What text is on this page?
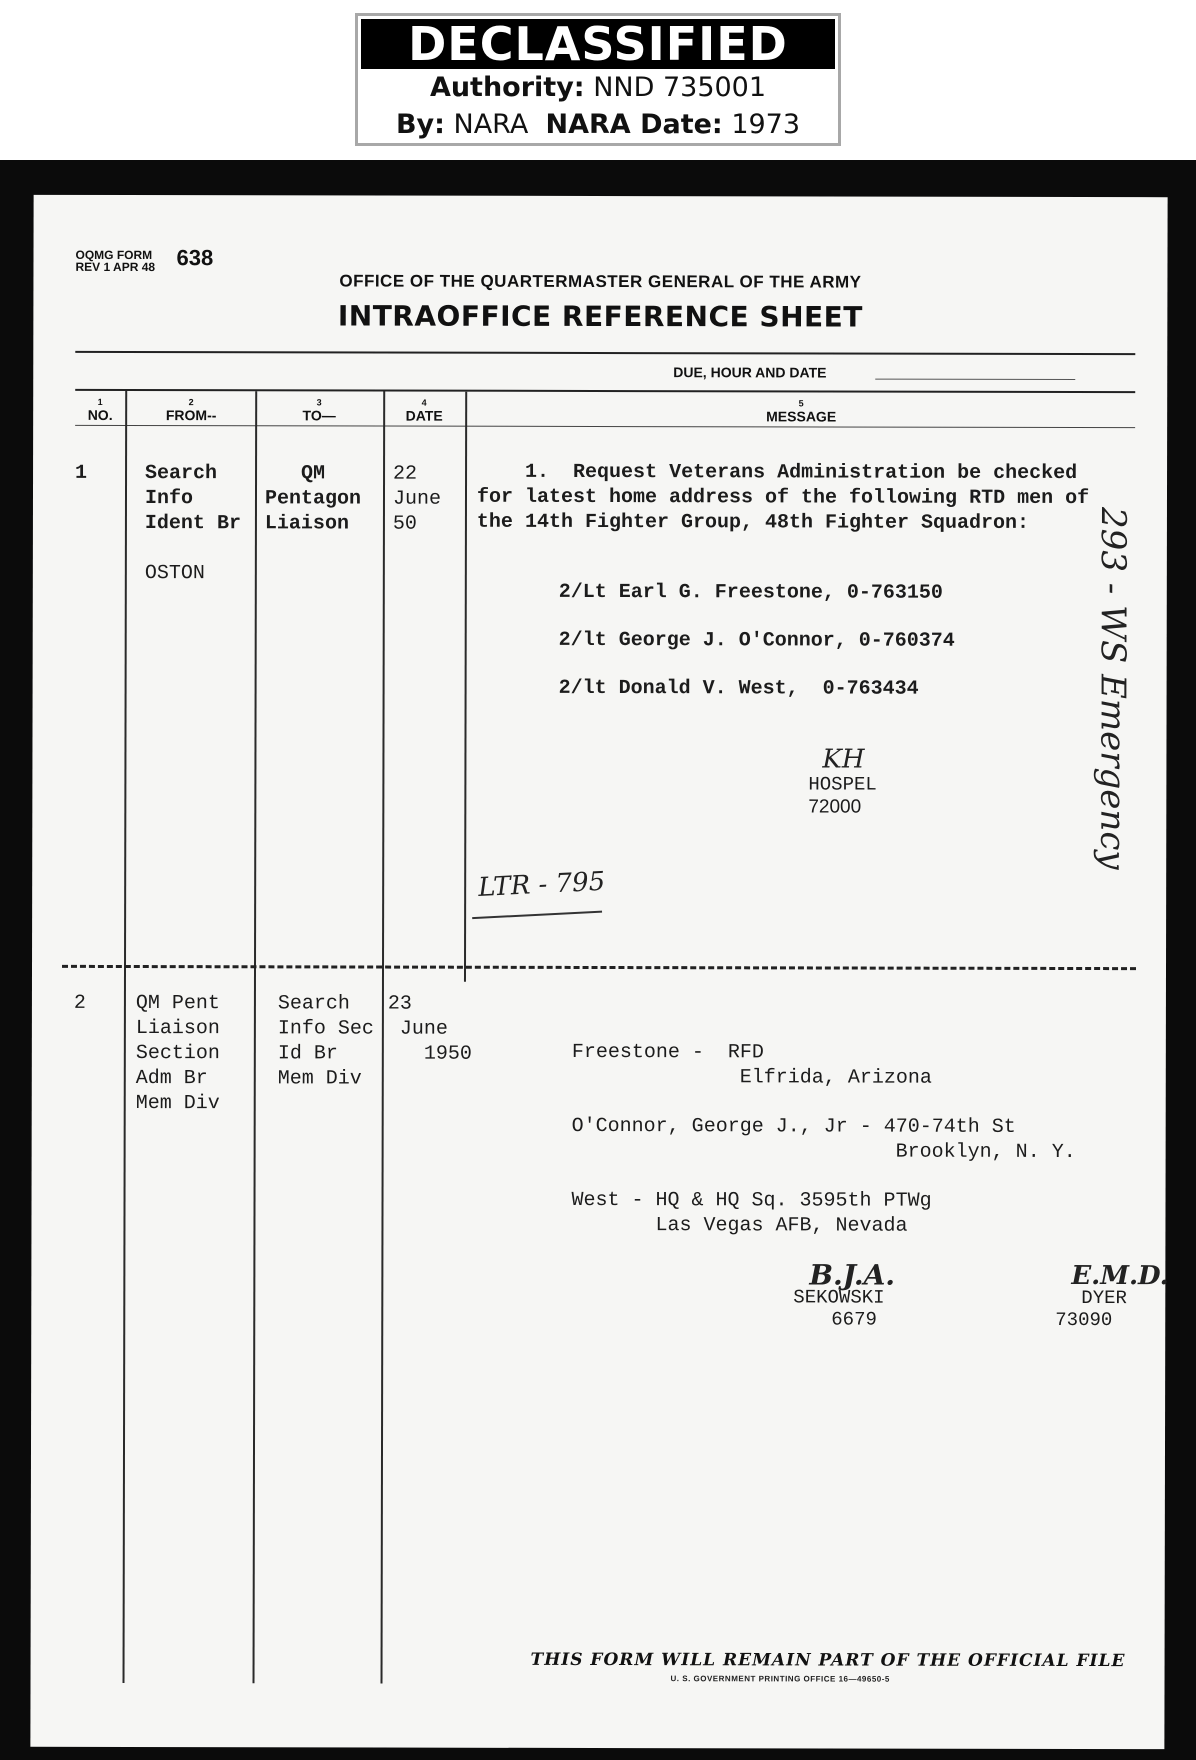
DECLASSIFIED
Authority: NND 735001
By: NARA NARA Date: 1973
OQMG FORM
REV 1 APR 48 638
OFFICE OF THE QUARTERMASTER GENERAL OF THE ARMY
INTRAOFFICE REFERENCE SHEET
DUE, HOUR AND DATE
1
NO.
2
FROM--
3
TO—
4
DATE
5
MESSAGE
1	Search
Info
Ident Br
OSTON
QM
Pentagon
Liaison
22
June
50
1.  Request Veterans Administration be checked
for latest home address of the following RTD men of
the 14th Fighter Group, 48th Fighter Squadron:
2/Lt Earl G. Freestone, 0-763150
2/lt George J. O'Connor, 0-760374
2/lt Donald V. West,  0-763434
KH
HOSPEL
72000
LTR - 795
2 QM Pent
Liaison
Section
Adm Br
Mem Div
Search
Info Sec
Id Br
Mem Div
23
June
1950	Freestone -  RFD
Elfrida, Arizona
O'Connor, George J., Jr - 470-74th St
Brooklyn, N. Y.
West - HQ & HQ Sq. 3595th PTWg
Las Vegas AFB, Nevada
B.J.A.
SEKOWSKI
6679
E.M.D.
DYER
73090
293 - WS Emergency
THIS FORM WILL REMAIN PART OF THE OFFICIAL FILE
U. S. GOVERNMENT PRINTING OFFICE 16—49650-5
